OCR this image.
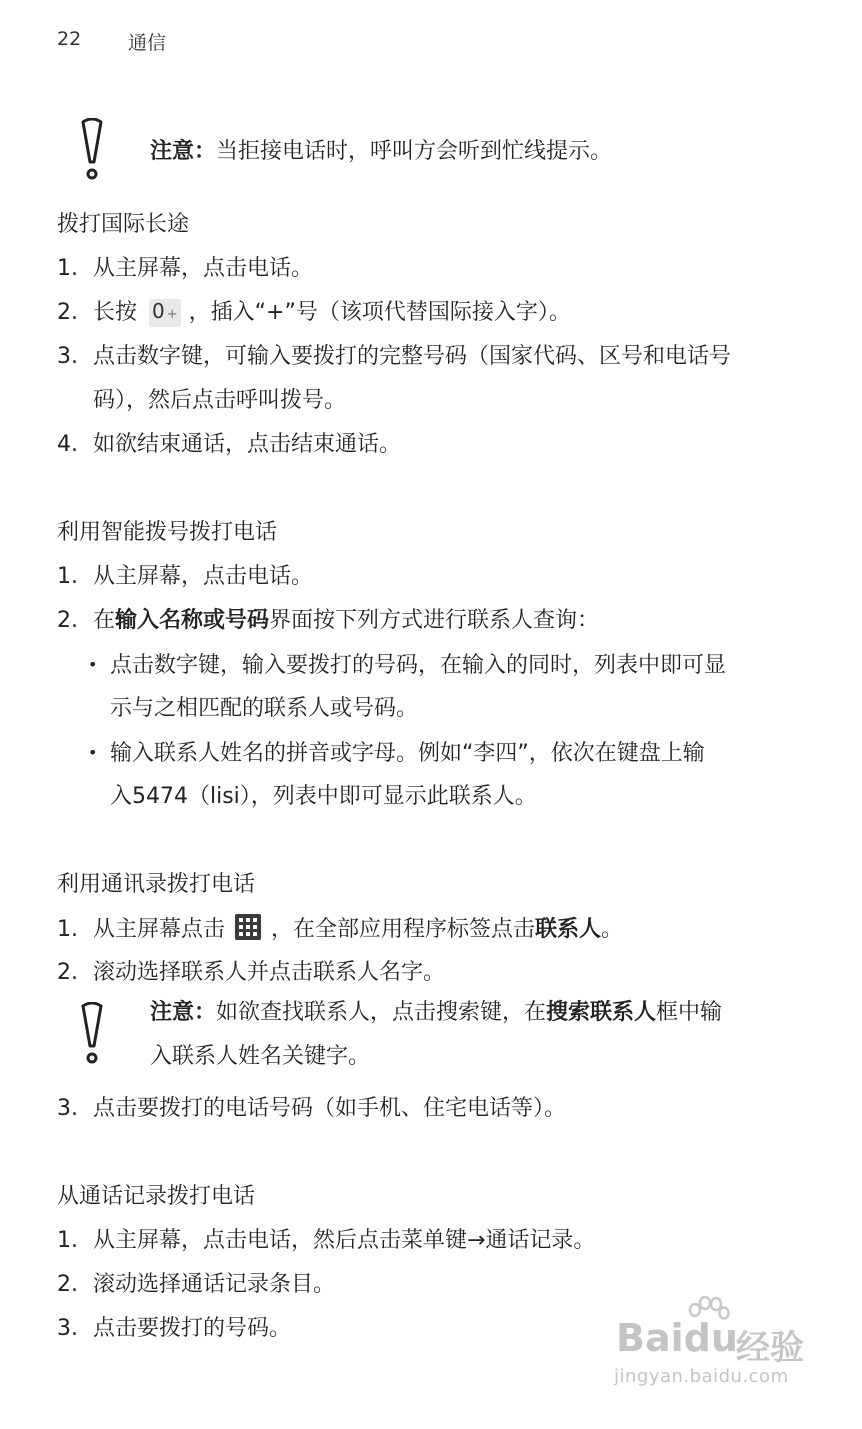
22 通信
注意：当拒接电话时，呼叫方会听到忙线提示。
拨打国际长途
1. 从主屏幕，点击电话。
2. 长按 0 + ，插入“+”号（该项代替国际接入字）。
3. 点击数字键，可输入要拨打的完整号码（国家代码、区号和电话号
码），然后点击呼叫拨号。
4. 如欲结束通话，点击结束通话。
利用智能拨号拨打电话
1. 从主屏幕，点击电话。
2. 在输入名称或号码界面按下列方式进行联系人查询：
• 点击数字键，输入要拨打的号码，在输入的同时，列表中即可显
示与之相匹配的联系人或号码。
• 输入联系人姓名的拼音或字母。例如“李四”，依次在键盘上输
入5474（lisi），列表中即可显示此联系人。
利用通讯录拨打电话
1. 从主屏幕点击 ，在全部应用程序标签点击联系人。
2. 滚动选择联系人并点击联系人名字。
注意：如欲查找联系人，点击搜索键，在搜索联系人框中输
入联系人姓名关键字。
3. 点击要拨打的电话号码（如手机、住宅电话等）。
从通话记录拨打电话
1. 从主屏幕，点击电话，然后点击菜单键→通话记录。
2. 滚动选择通话记录条目。
3. 点击要拨打的号码。	Baidu
经验
jingyan.baidu.com
